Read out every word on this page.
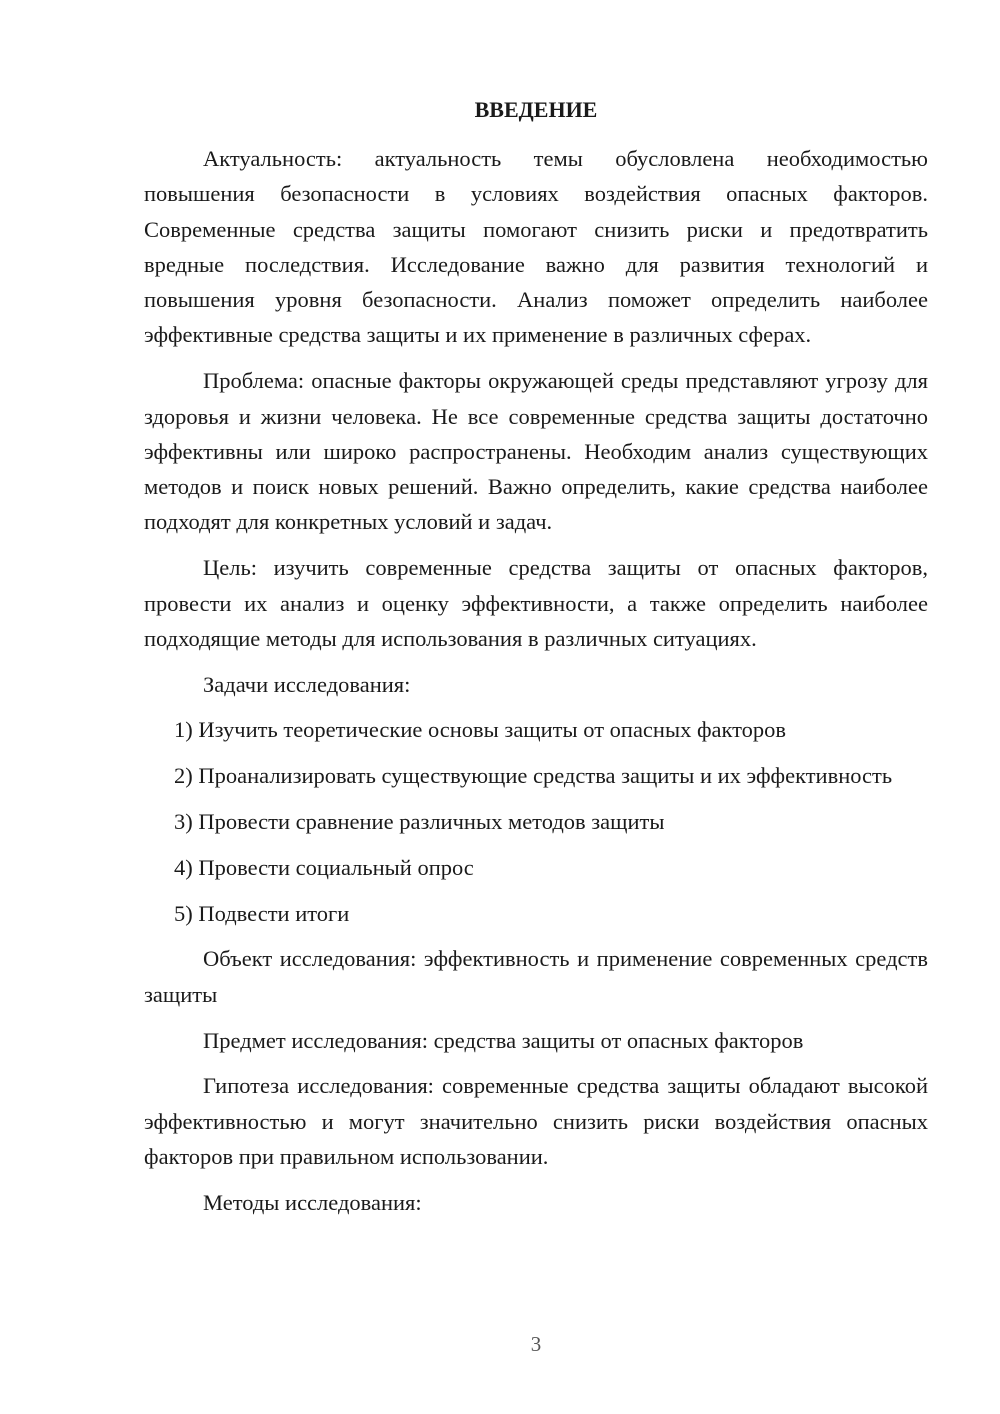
ВВЕДЕНИЕ

Актуальность: актуальность темы обусловлена необходимостью повышения безопасности в условиях воздействия опасных факторов. Современные средства защиты помогают снизить риски и предотвратить вредные последствия. Исследование важно для развития технологий и повышения уровня безопасности. Анализ поможет определить наиболее эффективные средства защиты и их применение в различных сферах.

Проблема: опасные факторы окружающей среды представляют угрозу для здоровья и жизни человека. Не все современные средства защиты достаточно эффективны или широко распространены. Необходим анализ существующих методов и поиск новых решений. Важно определить, какие средства наиболее подходят для конкретных условий и задач.

Цель: изучить современные средства защиты от опасных факторов, провести их анализ и оценку эффективности, а также определить наиболее подходящие методы для использования в различных ситуациях.

Задачи исследования:

1) Изучить теоретические основы защиты от опасных факторов

2) Проанализировать существующие средства защиты и их эффективность

3) Провести сравнение различных методов защиты

4) Провести социальный опрос

5) Подвести итоги

Объект исследования: эффективность и применение современных средств защиты

Предмет исследования: средства защиты от опасных факторов

Гипотеза исследования: современные средства защиты обладают высокой эффективностью и могут значительно снизить риски воздействия опасных факторов при правильном использовании.

Методы исследования:

3
